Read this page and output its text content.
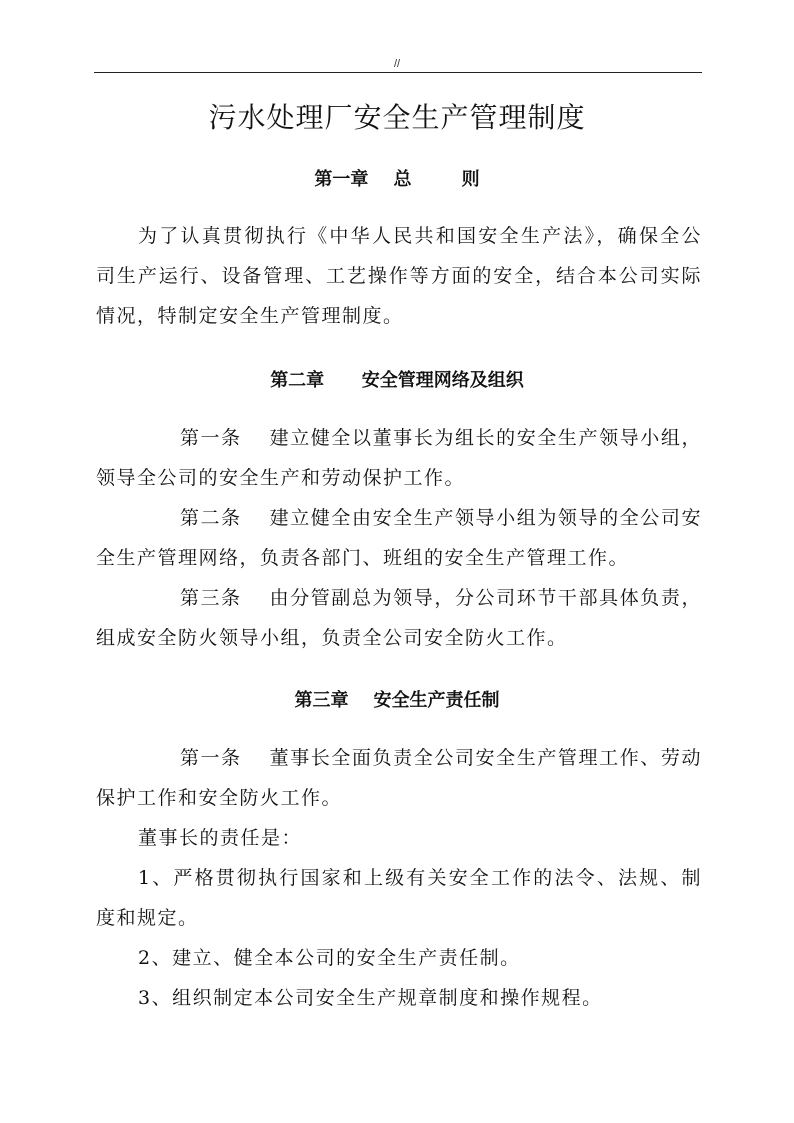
//
污水处理厂安全生产管理制度
第一章    总        则

为了认真贯彻执行《中华人民共和国安全生产法》，确保全公司生产运行、设备管理、工艺操作等方面的安全，结合本公司实际情况，特制定安全生产管理制度。

第二章      安全管理网络及组织

第一条 建立健全以董事长为组长的安全生产领导小组，领导全公司的安全生产和劳动保护工作。

第二条 建立健全由安全生产领导小组为领导的全公司安全生产管理网络，负责各部门、班组的安全生产管理工作。

第三条 由分管副总为领导，分公司环节干部具体负责，组成安全防火领导小组，负责全公司安全防火工作。

第三章    安全生产责任制

第一条 董事长全面负责全公司安全生产管理工作、劳动保护工作和安全防火工作。

董事长的责任是：

1、严格贯彻执行国家和上级有关安全工作的法令、法规、制度和规定。

2、建立、健全本公司的安全生产责任制。

3、组织制定本公司安全生产规章制度和操作规程。
